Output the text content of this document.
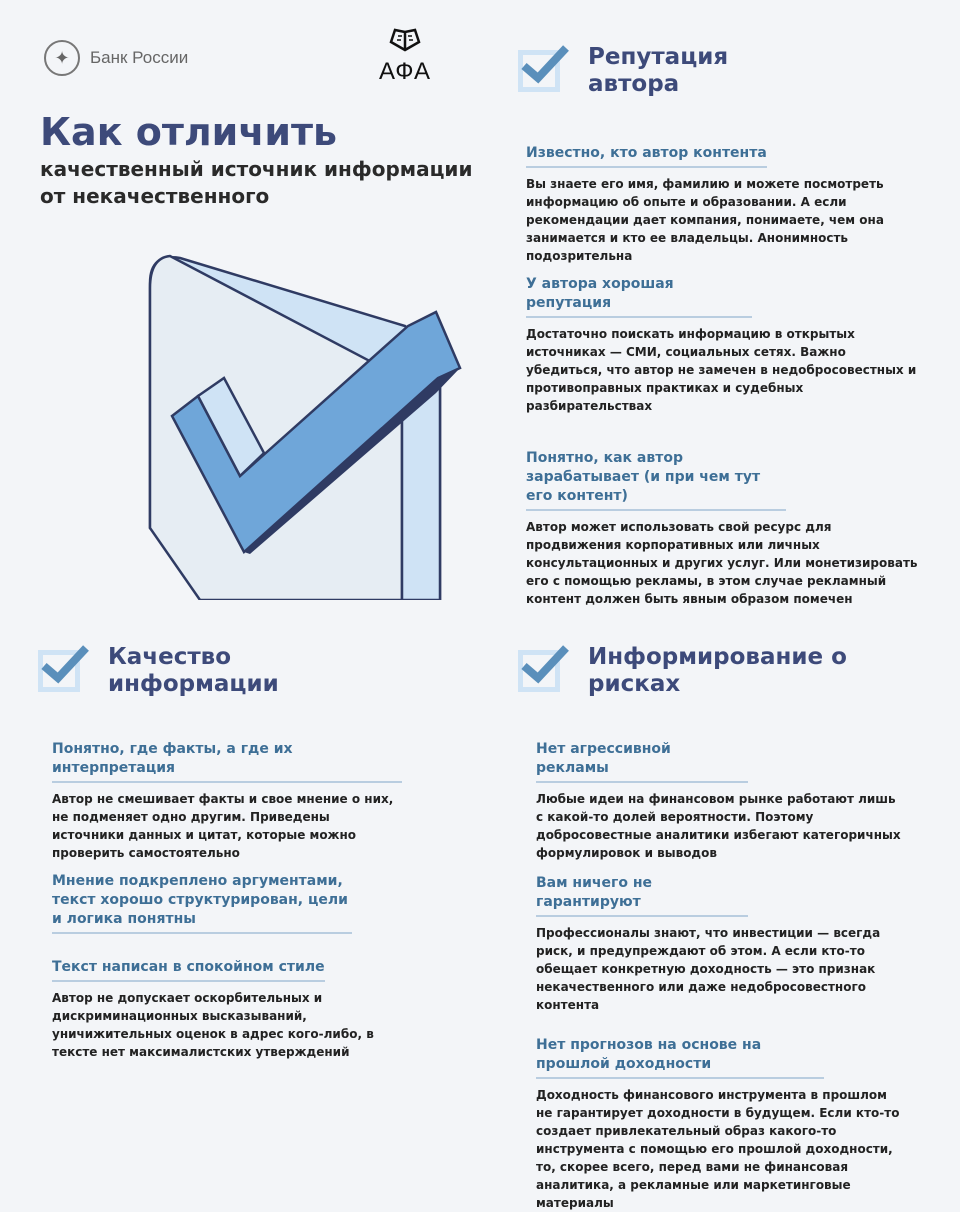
✦	Банк России
АФА
Как отличить
качественный источник информации от некачественного
Репутация автора
Известно, кто автор контента
Вы знаете его имя, фамилию и можете посмотреть информацию об опыте и образовании. А если рекомендации дает компания, понимаете, чем она занимается и кто ее владельцы. Анонимность подозрительна
У автора хорошая репутация
Достаточно поискать информацию в открытых источниках — СМИ, социальных сетях. Важно убедиться, что автор не замечен в недобросовестных и противоправных практиках и судебных разбирательствах
Понятно, как автор зарабатывает (и при чем тут его контент)
Автор может использовать свой ресурс для продвижения корпоративных или личных консультационных и других услуг. Или монетизировать его с помощью рекламы, в этом случае рекламный контент должен быть явным образом помечен
Качество информации
Понятно, где факты, а где их интерпретация
Автор не смешивает факты и свое мнение о них, не подменяет одно другим. Приведены источники данных и цитат, которые можно проверить самостоятельно
Мнение подкреплено аргументами, текст хорошо структурирован, цели и логика понятны
Текст написан в спокойном стиле
Автор не допускает оскорбительных и дискриминационных высказываний, уничижительных оценок в адрес кого-либо, в тексте нет максималистских утверждений
Информирование о рисках
Нет агрессивной рекламы
Любые идеи на финансовом рынке работают лишь с какой-то долей вероятности. Поэтому добросовестные аналитики избегают категоричных формулировок и выводов
Вам ничего не гарантируют
Профессионалы знают, что инвестиции — всегда риск, и предупреждают об этом. А если кто-то обещает конкретную доходность — это признак некачественного или даже недобросовестного контента
Нет прогнозов на основе на прошлой доходности
Доходность финансового инструмента в прошлом не гарантирует доходности в будущем. Если кто-то создает привлекательный образ какого-то инструмента с помощью его прошлой доходности, то, скорее всего, перед вами не финансовая аналитика, а рекламные или маркетинговые материалы
